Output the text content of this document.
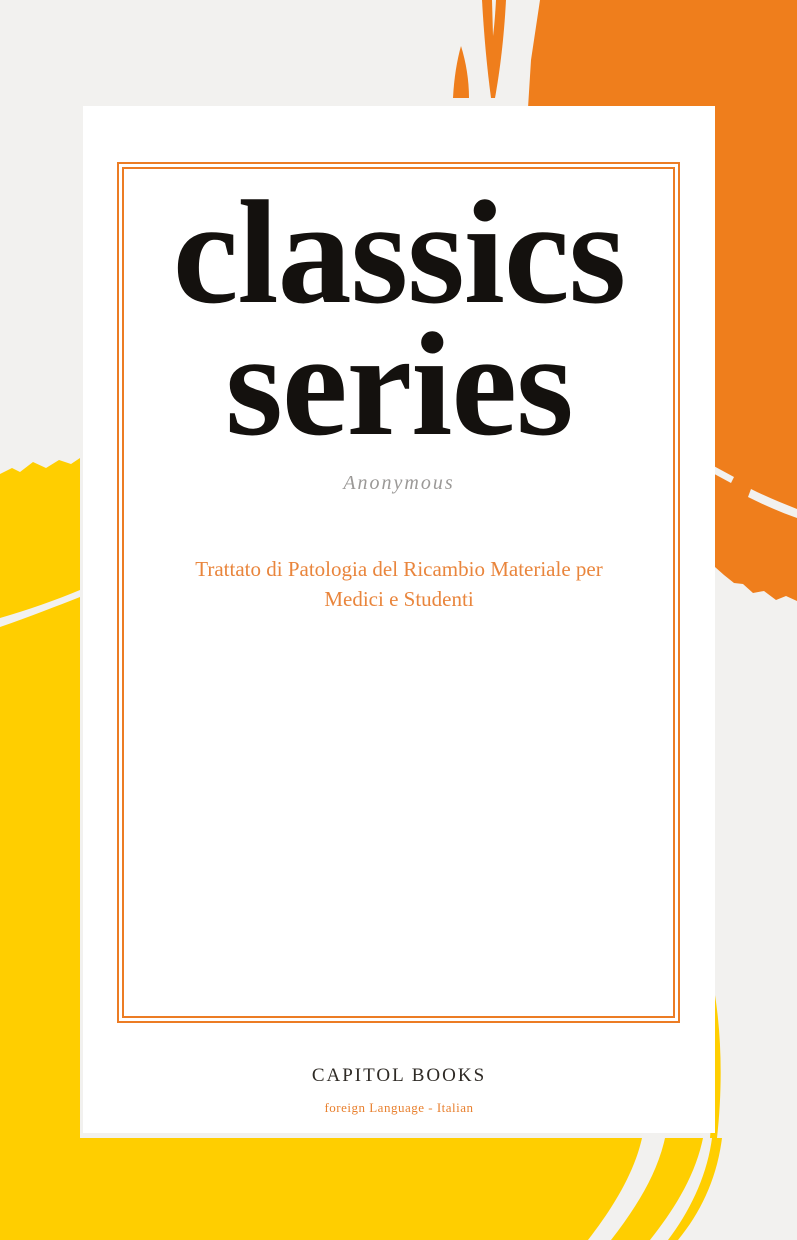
classics
series
Anonymous
Trattato di Patologia del Ricambio Materiale per
Medici e Studenti
CAPITOL BOOKS
foreign Language - Italian
